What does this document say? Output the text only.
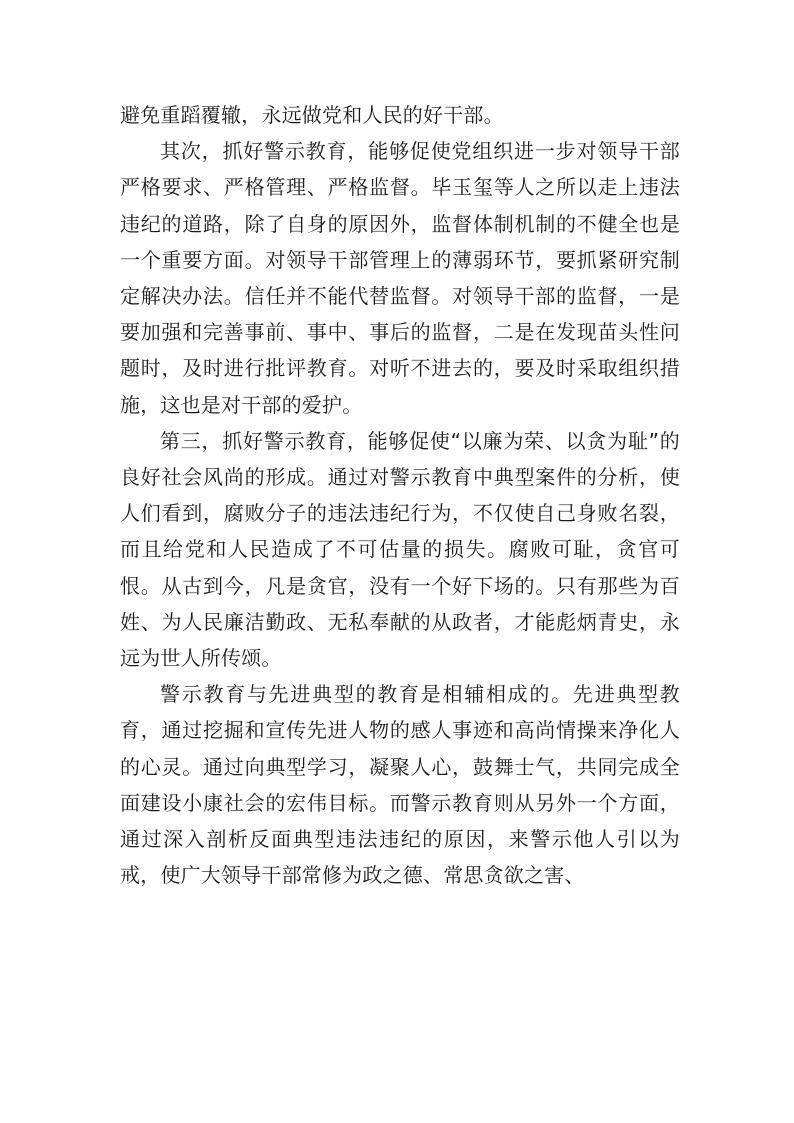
避免重蹈覆辙，永远做党和人民的好干部。

其次，抓好警示教育，能够促使党组织进一步对领导干部严格要求、严格管理、严格监督。毕玉玺等人之所以走上违法违纪的道路，除了自身的原因外，监督体制机制的不健全也是一个重要方面。对领导干部管理上的薄弱环节，要抓紧研究制定解决办法。信任并不能代替监督。对领导干部的监督，一是要加强和完善事前、事中、事后的监督，二是在发现苗头性问题时，及时进行批评教育。对听不进去的，要及时采取组织措施，这也是对干部的爱护。

第三，抓好警示教育，能够促使“以廉为荣、以贪为耻”的良好社会风尚的形成。通过对警示教育中典型案件的分析，使人们看到，腐败分子的违法违纪行为，不仅使自己身败名裂，而且给党和人民造成了不可估量的损失。腐败可耻，贪官可恨。从古到今，凡是贪官，没有一个好下场的。只有那些为百姓、为人民廉洁勤政、无私奉献的从政者，才能彪炳青史，永远为世人所传颂。

警示教育与先进典型的教育是相辅相成的。先进典型教育，通过挖掘和宣传先进人物的感人事迹和高尚情操来净化人的心灵。通过向典型学习，凝聚人心，鼓舞士气，共同完成全面建设小康社会的宏伟目标。而警示教育则从另外一个方面，通过深入剖析反面典型违法违纪的原因，来警示他人引以为戒，使广大领导干部常修为政之德、常思贪欲之害、
